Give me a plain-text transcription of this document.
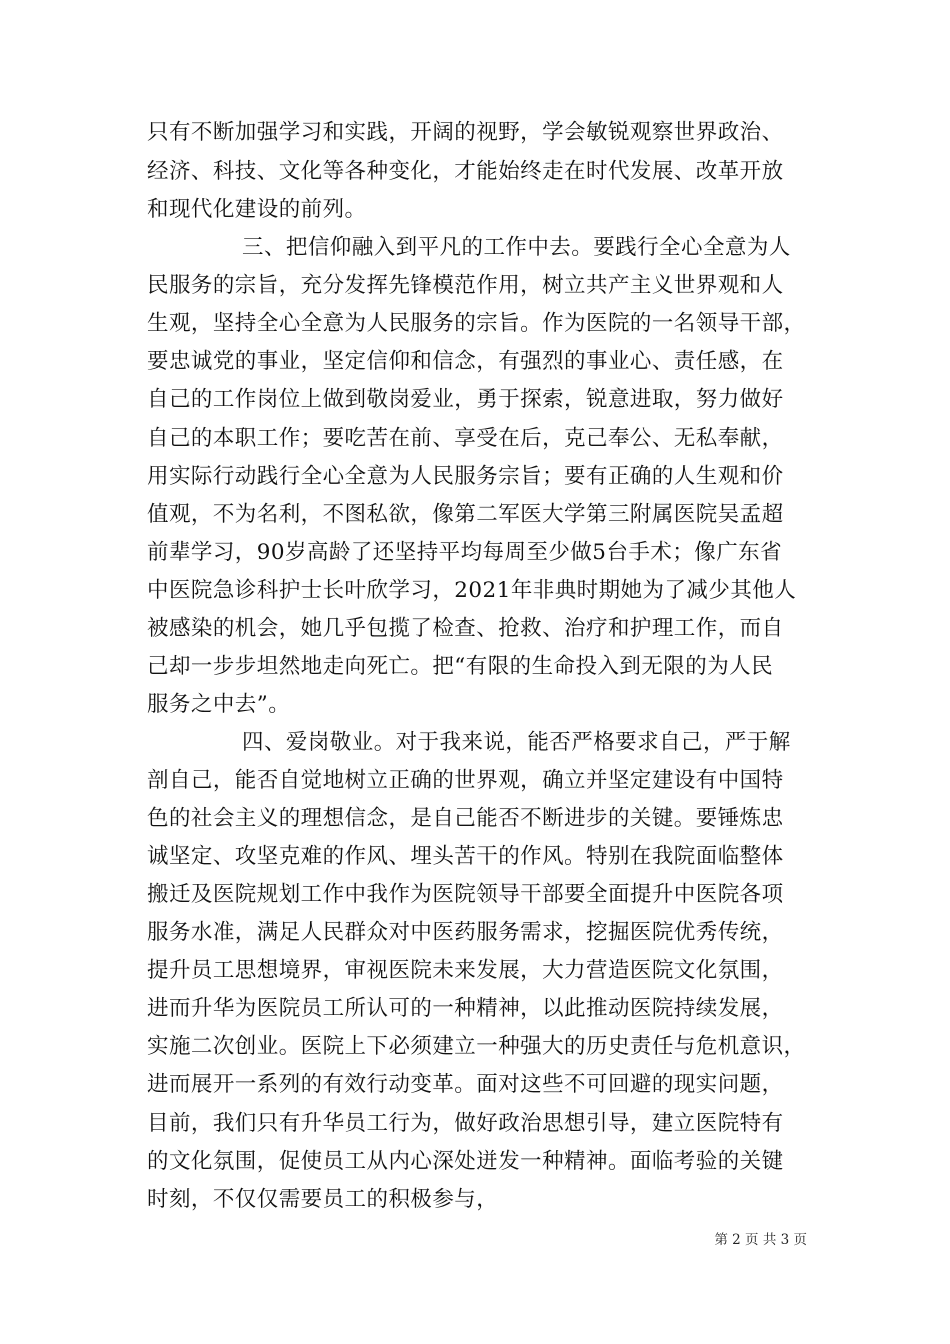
只有不断加强学习和实践，开阔的视野，学会敏锐观察世界政治、
经济、科技、文化等各种变化，才能始终走在时代发展、改革开放
和现代化建设的前列。
三、把信仰融入到平凡的工作中去。要践行全心全意为人
民服务的宗旨，充分发挥先锋模范作用，树立共产主义世界观和人
生观，坚持全心全意为人民服务的宗旨。作为医院的一名领导干部，
要忠诚党的事业，坚定信仰和信念，有强烈的事业心、责任感，在
自己的工作岗位上做到敬岗爱业，勇于探索，锐意进取，努力做好
自己的本职工作；要吃苦在前、享受在后，克己奉公、无私奉献，
用实际行动践行全心全意为人民服务宗旨；要有正确的人生观和价
值观，不为名利，不图私欲，像第二军医大学第三附属医院吴孟超
前辈学习，90岁高龄了还坚持平均每周至少做5台手术；像广东省
中医院急诊科护士长叶欣学习，2021年非典时期她为了减少其他人
被感染的机会，她几乎包揽了检查、抢救、治疗和护理工作，而自
己却一步步坦然地走向死亡。把“有限的生命投入到无限的为人民
服务之中去”。
四、爱岗敬业。对于我来说，能否严格要求自己，严于解
剖自己，能否自觉地树立正确的世界观，确立并坚定建设有中国特
色的社会主义的理想信念，是自己能否不断进步的关键。要锤炼忠
诚坚定、攻坚克难的作风、埋头苦干的作风。特别在我院面临整体
搬迁及医院规划工作中我作为医院领导干部要全面提升中医院各项
服务水准，满足人民群众对中医药服务需求，挖掘医院优秀传统，
提升员工思想境界，审视医院未来发展，大力营造医院文化氛围，
进而升华为医院员工所认可的一种精神，以此推动医院持续发展，
实施二次创业。医院上下必须建立一种强大的历史责任与危机意识，
进而展开一系列的有效行动变革。面对这些不可回避的现实问题，
目前，我们只有升华员工行为，做好政治思想引导，建立医院特有
的文化氛围，促使员工从内心深处迸发一种精神。面临考验的关键
时刻，不仅仅需要员工的积极参与，
第 2 页 共 3 页
